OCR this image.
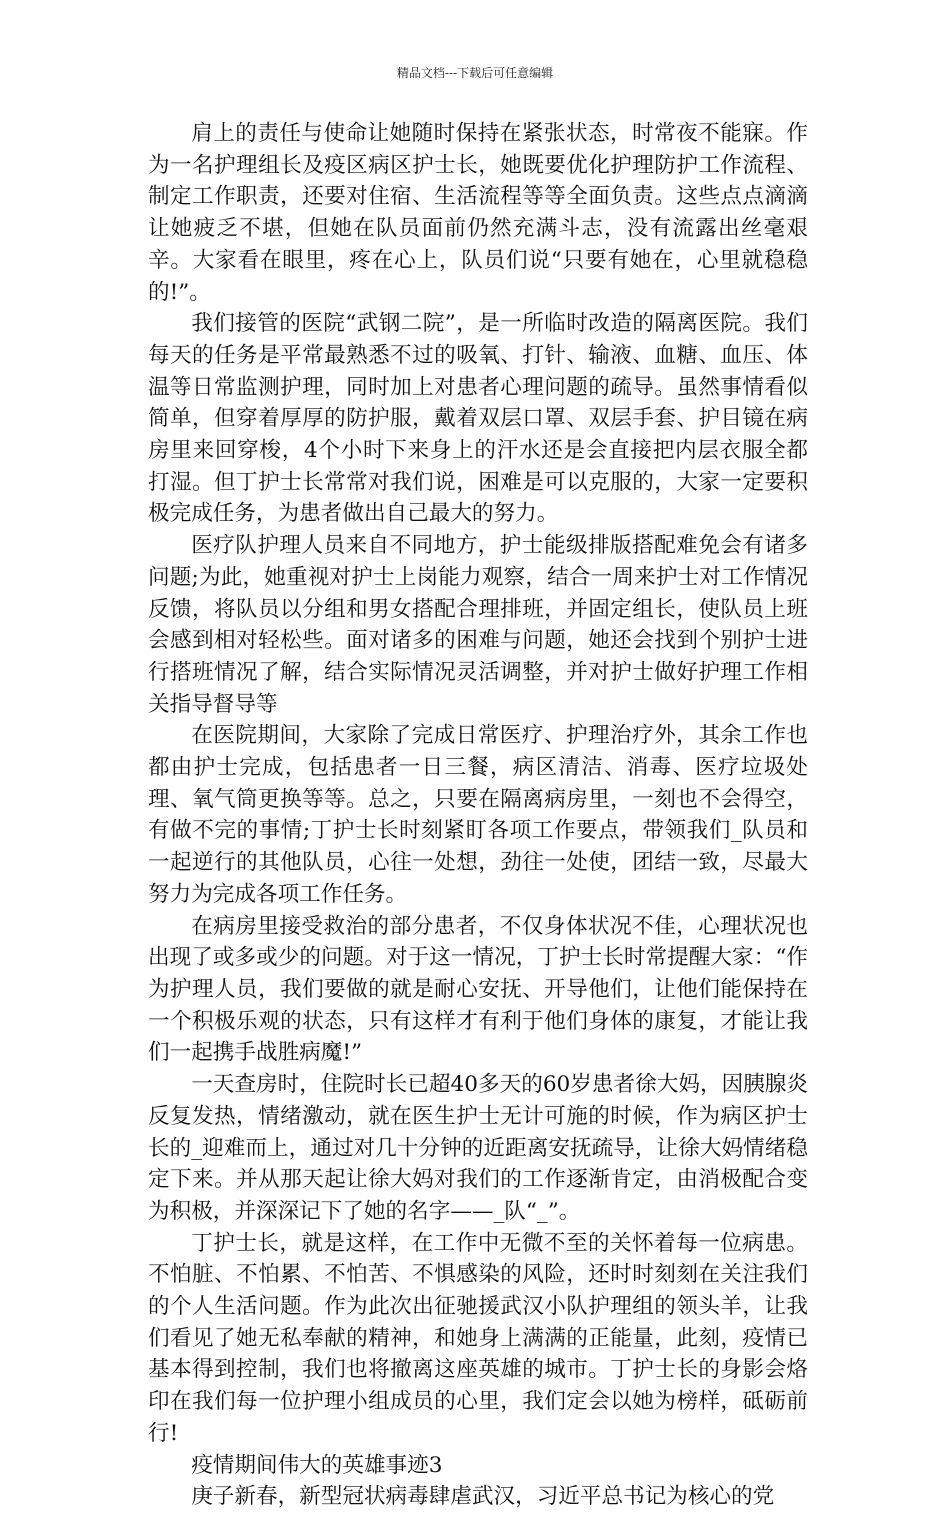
精品文档---下载后可任意编辑

肩上的责任与使命让她随时保持在紧张状态，时常夜不能寐。作为一名护理组长及疫区病区护士长，她既要优化护理防护工作流程、制定工作职责，还要对住宿、生活流程等等全面负责。这些点点滴滴让她疲乏不堪，但她在队员面前仍然充满斗志，没有流露出丝毫艰辛。大家看在眼里，疼在心上，队员们说“只要有她在，心里就稳稳的!”。

我们接管的医院“武钢二院”，是一所临时改造的隔离医院。我们每天的任务是平常最熟悉不过的吸氧、打针、输液、血糖、血压、体温等日常监测护理，同时加上对患者心理问题的疏导。虽然事情看似简单，但穿着厚厚的防护服，戴着双层口罩、双层手套、护目镜在病房里来回穿梭，4个小时下来身上的汗水还是会直接把内层衣服全都打湿。但丁护士长常常对我们说，困难是可以克服的，大家一定要积极完成任务，为患者做出自己最大的努力。

医疗队护理人员来自不同地方，护士能级排版搭配难免会有诸多问题;为此，她重视对护士上岗能力观察，结合一周来护士对工作情况反馈，将队员以分组和男女搭配合理排班，并固定组长，使队员上班会感到相对轻松些。面对诸多的困难与问题，她还会找到个别护士进行搭班情况了解，结合实际情况灵活调整，并对护士做好护理工作相关指导督导等

在医院期间，大家除了完成日常医疗、护理治疗外，其余工作也都由护士完成，包括患者一日三餐，病区清洁、消毒、医疗垃圾处理、氧气筒更换等等。总之，只要在隔离病房里，一刻也不会得空，有做不完的事情;丁护士长时刻紧盯各项工作要点，带领我们_队员和一起逆行的其他队员，心往一处想，劲往一处使，团结一致，尽最大努力为完成各项工作任务。

在病房里接受救治的部分患者，不仅身体状况不佳，心理状况也出现了或多或少的问题。对于这一情况，丁护士长时常提醒大家：“作为护理人员，我们要做的就是耐心安抚、开导他们，让他们能保持在一个积极乐观的状态，只有这样才有利于他们身体的康复，才能让我们一起携手战胜病魔!”

一天查房时，住院时长已超40多天的60岁患者徐大妈，因胰腺炎反复发热，情绪激动，就在医生护士无计可施的时候，作为病区护士长的_迎难而上，通过对几十分钟的近距离安抚疏导，让徐大妈情绪稳定下来。并从那天起让徐大妈对我们的工作逐渐肯定，由消极配合变为积极，并深深记下了她的名字——_队“_”。

丁护士长，就是这样，在工作中无微不至的关怀着每一位病患。不怕脏、不怕累、不怕苦、不惧感染的风险，还时时刻刻在关注我们的个人生活问题。作为此次出征驰援武汉小队护理组的领头羊，让我们看见了她无私奉献的精神，和她身上满满的正能量，此刻，疫情已基本得到控制，我们也将撤离这座英雄的城市。丁护士长的身影会烙印在我们每一位护理小组成员的心里，我们定会以她为榜样，砥砺前行!

疫情期间伟大的英雄事迹3

庚子新春，新型冠状病毒肆虐武汉，习近平总书记为核心的党
